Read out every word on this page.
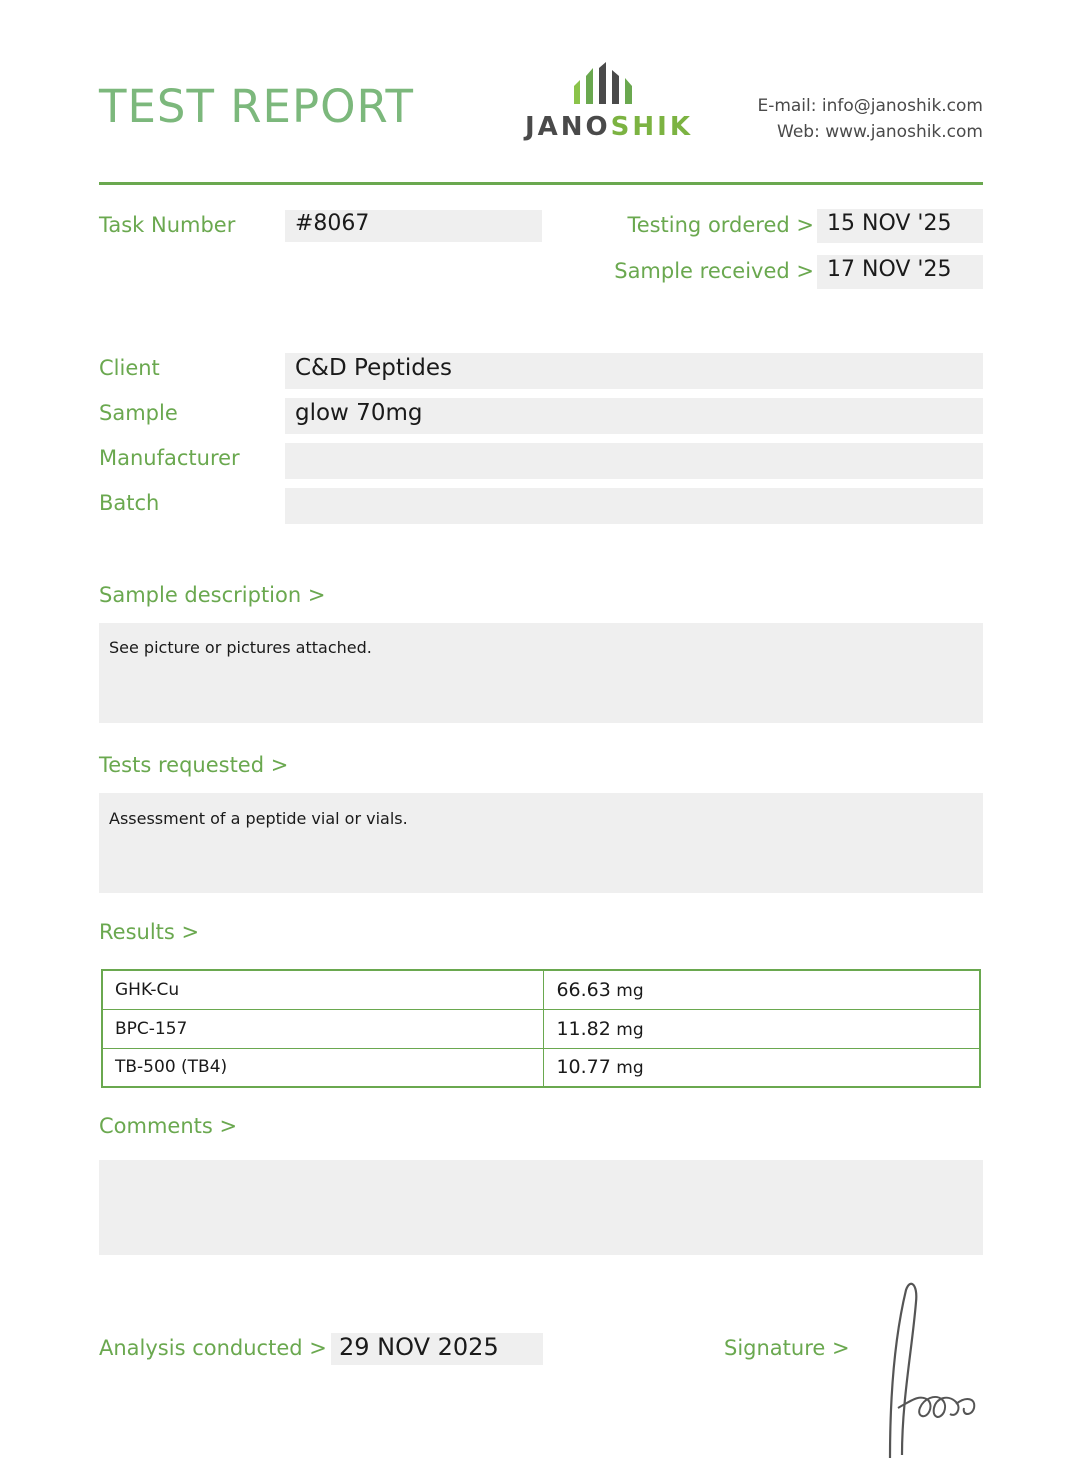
TEST REPORT	JANOSHIK
E-mail: info@janoshik.com
Web: www.janoshik.com
Task Number	#8067	Testing ordered > 15 NOV '25
Sample received > 17 NOV '25
Client	C&D Peptides
Sample	glow 70mg
Manufacturer
Batch
Sample description >
See picture or pictures attached.
Tests requested >
Assessment of a peptide vial or vials.
Results >
GHK-Cu	66.63 mg
BPC-157	11.82 mg
TB-500 (TB4)	10.77 mg
Comments >
Analysis conducted > 29 NOV 2025	Signature >
